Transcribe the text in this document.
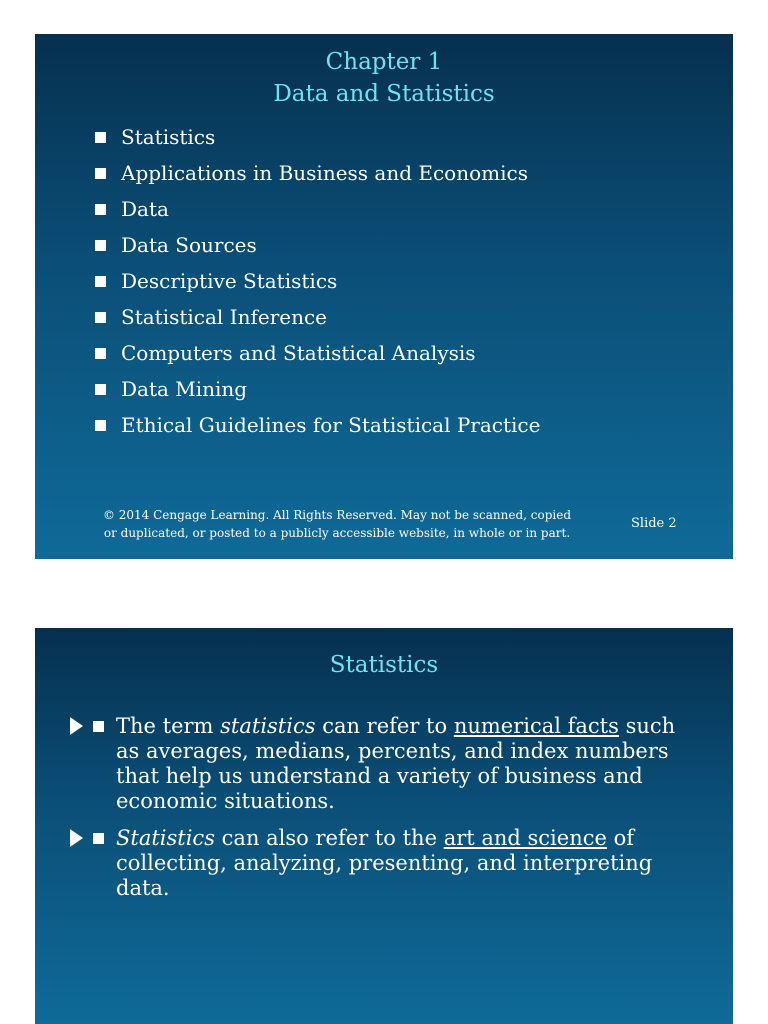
Chapter 1
Data and Statistics
Statistics
Applications in Business and Economics
Data
Data Sources
Descriptive Statistics
Statistical Inference
Computers and Statistical Analysis
Data Mining
Ethical Guidelines for Statistical Practice
© 2014 Cengage Learning. All Rights Reserved. May not be scanned, copied
or duplicated, or posted to a publicly accessible website, in whole or in part.
Slide 2
Statistics
The term statistics can refer to numerical facts such as averages, medians, percents, and index numbers that help us understand a variety of business and economic situations.
Statistics can also refer to the art and science of collecting, analyzing, presenting, and interpreting data.
